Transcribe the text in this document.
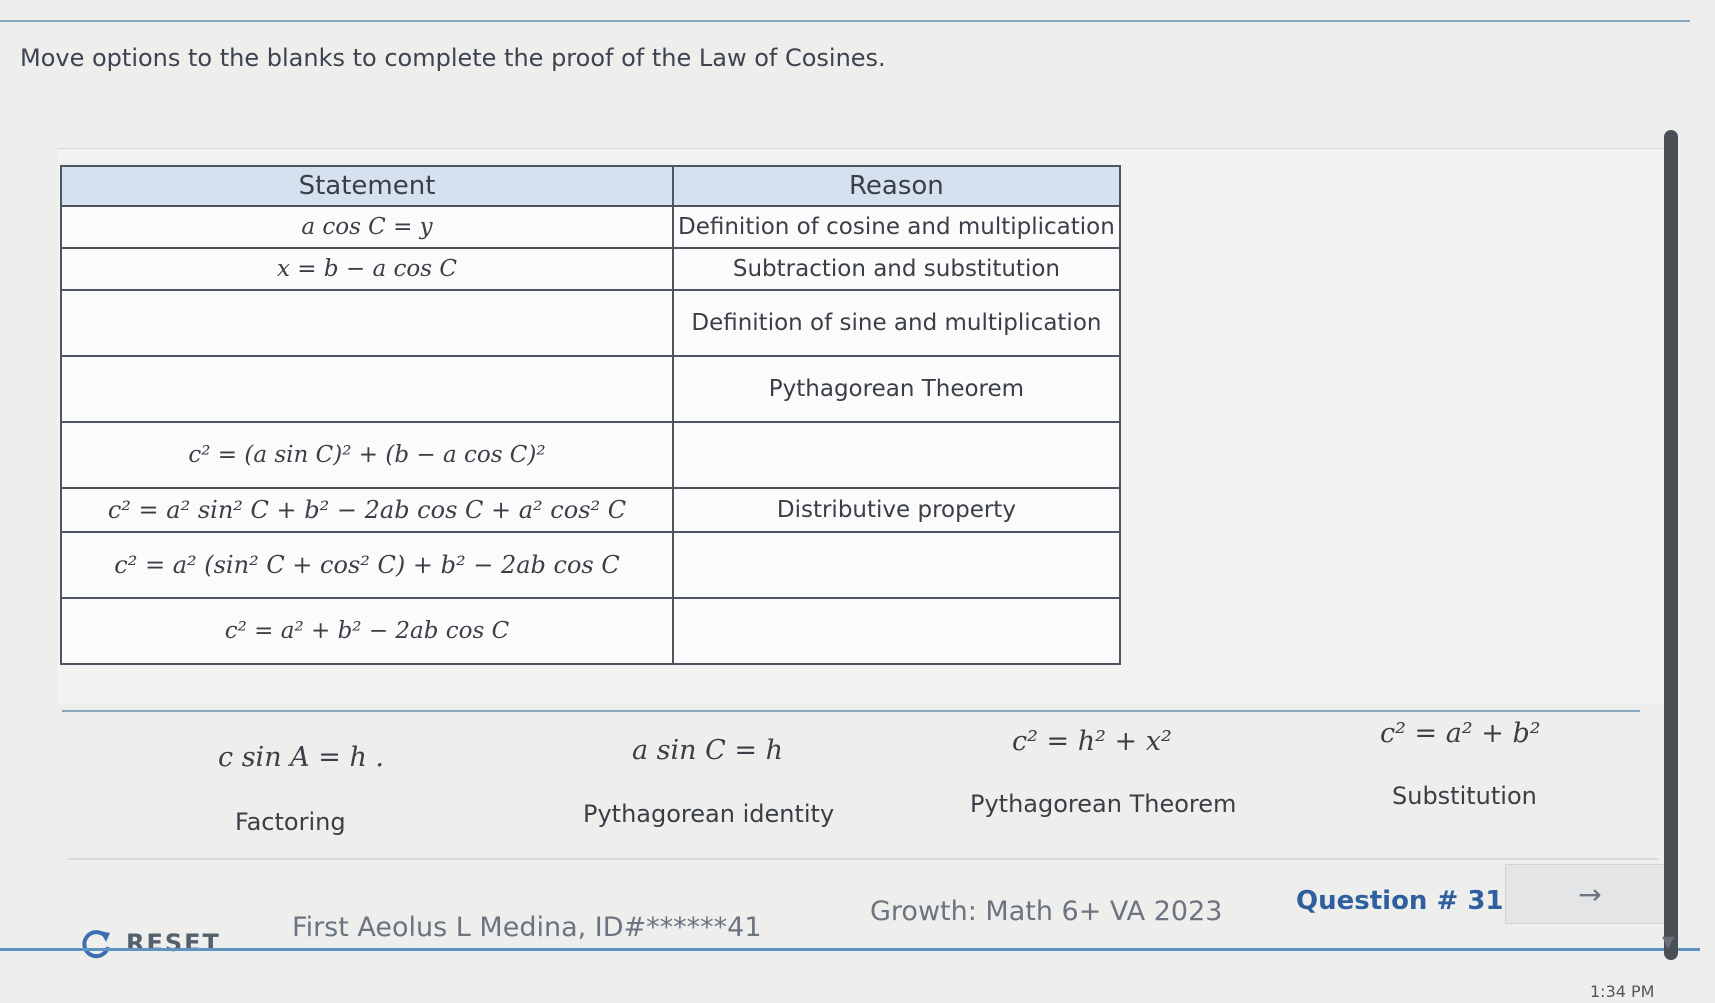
Move options to the blanks to complete the proof of the Law of Cosines.
Statement	Reason
a cos C = y	Definition of cosine and multiplication
x = b − a cos C	Subtraction and substitution
	Definition of sine and multiplication
	Pythagorean Theorem
c² = (a sin C)² + (b − a cos C)²	
c² = a² sin² C + b² − 2ab cos C + a² cos² C	Distributive property
c² = a² (sin² C + cos² C) + b² − 2ab cos C	
c² = a² + b² − 2ab cos C	
c sin A = h .	a sin C = h	c² = h² + x²	c² = a² + b²
Factoring	Pythagorean identity	Pythagorean Theorem	Substitution
RESET	First Aeolus L Medina, ID#******41
Growth: Math 6+ VA 2023	Question # 31	→
▼
1:34 PM
